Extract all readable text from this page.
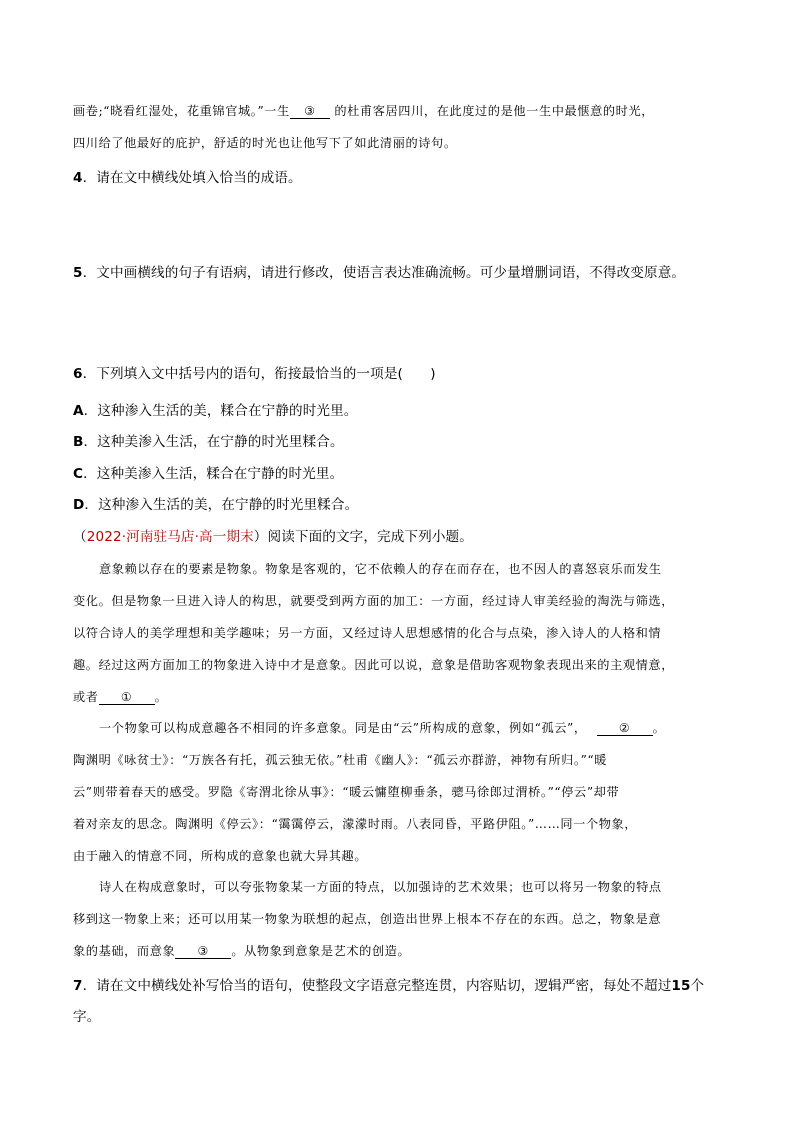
画卷;“晓看红湿处，花重锦官城。”一生 ③ 的杜甫客居四川，在此度过的是他一生中最惬意的时光，
四川给了他最好的庇护，舒适的时光也让他写下了如此清丽的诗句。
4．请在文中横线处填入恰当的成语。
5．文中画横线的句子有语病，请进行修改，使语言表达准确流畅。可少量增删词语，不得改变原意。
6．下列填入文中括号内的语句，衔接最恰当的一项是(　　)
A．这种渗入生活的美，糅合在宁静的时光里。
B．这种美渗入生活，在宁静的时光里糅合。
C．这种美渗入生活，糅合在宁静的时光里。
D．这种渗入生活的美，在宁静的时光里糅合。
（2022·河南驻马店·高一期末）阅读下面的文字，完成下列小题。
意象赖以存在的要素是物象。物象是客观的，它不依赖人的存在而存在，也不因人的喜怒哀乐而发生
变化。但是物象一旦进入诗人的构思，就要受到两方面的加工：一方面，经过诗人审美经验的淘洗与筛选，
以符合诗人的美学理想和美学趣味；另一方面，又经过诗人思想感情的化合与点染，渗入诗人的人格和情
趣。经过这两方面加工的物象进入诗中才是意象。因此可以说，意象是借助客观物象表现出来的主观情意，
或者 ① 。
一个物象可以构成意趣各不相同的许多意象。同是由“云”所构成的意象，例如“孤云”，	② 。
陶渊明《咏贫士》：“万族各有托，孤云独无依。”杜甫《幽人》：“孤云亦群游，神物有所归。”“暖
云”则带着春天的感受。罗隐《寄渭北徐从事》：“暖云慵堕柳垂条，骢马徐郎过渭桥。”“停云”却带
着对亲友的思念。陶渊明《停云》：“霭霭停云，濛濛时雨。八表同昏，平路伊阻。”……同一个物象，
由于融入的情意不同，所构成的意象也就大异其趣。
诗人在构成意象时，可以夸张物象某一方面的特点，以加强诗的艺术效果；也可以将另一物象的特点
移到这一物象上来；还可以用某一物象为联想的起点，创造出世界上根本不存在的东西。总之，物象是意
象的基础，而意象 ③ 。从物象到意象是艺术的创造。
7．请在文中横线处补写恰当的语句，使整段文字语意完整连贯，内容贴切，逻辑严密，每处不超过15个
字。
